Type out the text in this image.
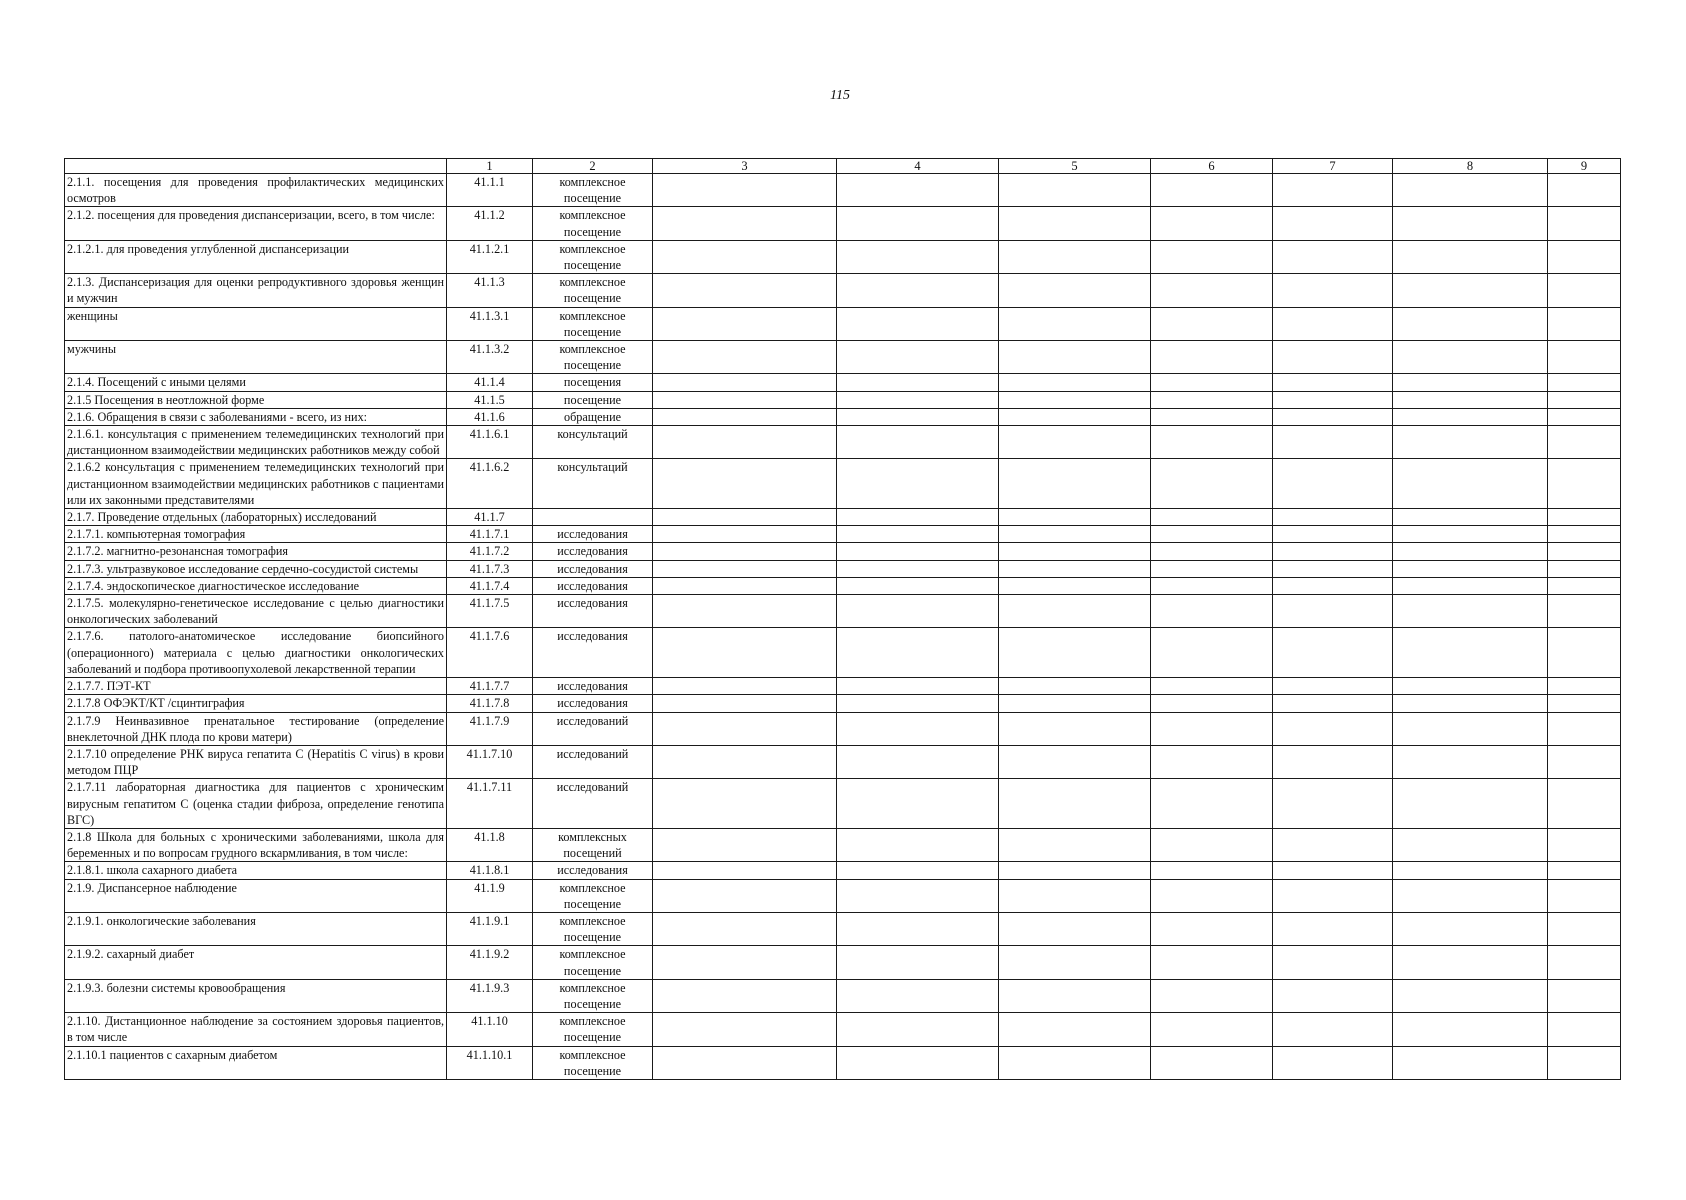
115
	1	2	3	4	5	6	7	8	9
2.1.1. посещения для проведения профилактических медицинских осмотров	41.1.1	комплексное посещение							
2.1.2. посещения для проведения диспансеризации, всего, в том числе:	41.1.2	комплексное посещение							
2.1.2.1. для проведения углубленной диспансеризации	41.1.2.1	комплексное посещение							
2.1.3. Диспансеризация для оценки репродуктивного здоровья женщин и мужчин	41.1.3	комплексное посещение							
женщины	41.1.3.1	комплексное посещение							
мужчины	41.1.3.2	комплексное посещение							
2.1.4. Посещений с иными целями	41.1.4	посещения							
2.1.5 Посещения в неотложной форме	41.1.5	посещение							
2.1.6. Обращения в связи с заболеваниями - всего, из них:	41.1.6	обращение							
2.1.6.1. консультация с применением телемедицинских технологий при дистанционном взаимодействии медицинских работников между собой	41.1.6.1	консультаций							
2.1.6.2 консультация с применением телемедицинских технологий при дистанционном взаимодействии медицинских работников с пациентами или их законными представителями	41.1.6.2	консультаций							
2.1.7. Проведение отдельных (лабораторных) исследований	41.1.7								
2.1.7.1. компьютерная томография	41.1.7.1	исследования							
2.1.7.2. магнитно-резонансная томография	41.1.7.2	исследования							
2.1.7.3. ультразвуковое исследование сердечно-сосудистой системы	41.1.7.3	исследования							
2.1.7.4. эндоскопическое диагностическое исследование	41.1.7.4	исследования							
2.1.7.5. молекулярно-генетическое исследование с целью диагностики онкологических заболеваний	41.1.7.5	исследования							
2.1.7.6. патолого-анатомическое исследование биопсийного (операционного) материала с целью диагностики онкологических заболеваний и подбора противоопухолевой лекарственной терапии	41.1.7.6	исследования							
2.1.7.7. ПЭТ-КТ	41.1.7.7	исследования							
2.1.7.8 ОФЭКТ/КТ /сцинтиграфия	41.1.7.8	исследования							
2.1.7.9 Неинвазивное пренатальное тестирование (определение внеклеточной ДНК плода по крови матери)	41.1.7.9	исследований							
2.1.7.10 определение РНК вируса гепатита С (Hepatitis C virus) в крови методом ПЦР	41.1.7.10	исследований							
2.1.7.11 лабораторная диагностика для пациентов с хроническим вирусным гепатитом С (оценка стадии фиброза, определение генотипа ВГС)	41.1.7.11	исследований							
2.1.8 Школа для больных с хроническими заболеваниями, школа для беременных и по вопросам грудного вскармливания, в том числе:	41.1.8	комплексных посещений							
2.1.8.1. школа сахарного диабета	41.1.8.1	исследования							
2.1.9. Диспансерное наблюдение	41.1.9	комплексное посещение							
2.1.9.1. онкологические заболевания	41.1.9.1	комплексное посещение							
2.1.9.2. сахарный диабет	41.1.9.2	комплексное посещение							
2.1.9.3. болезни системы кровообращения	41.1.9.3	комплексное посещение							
2.1.10. Дистанционное наблюдение за состоянием здоровья пациентов, в том числе	41.1.10	комплексное посещение							
2.1.10.1 пациентов с сахарным диабетом	41.1.10.1	комплексное посещение							
